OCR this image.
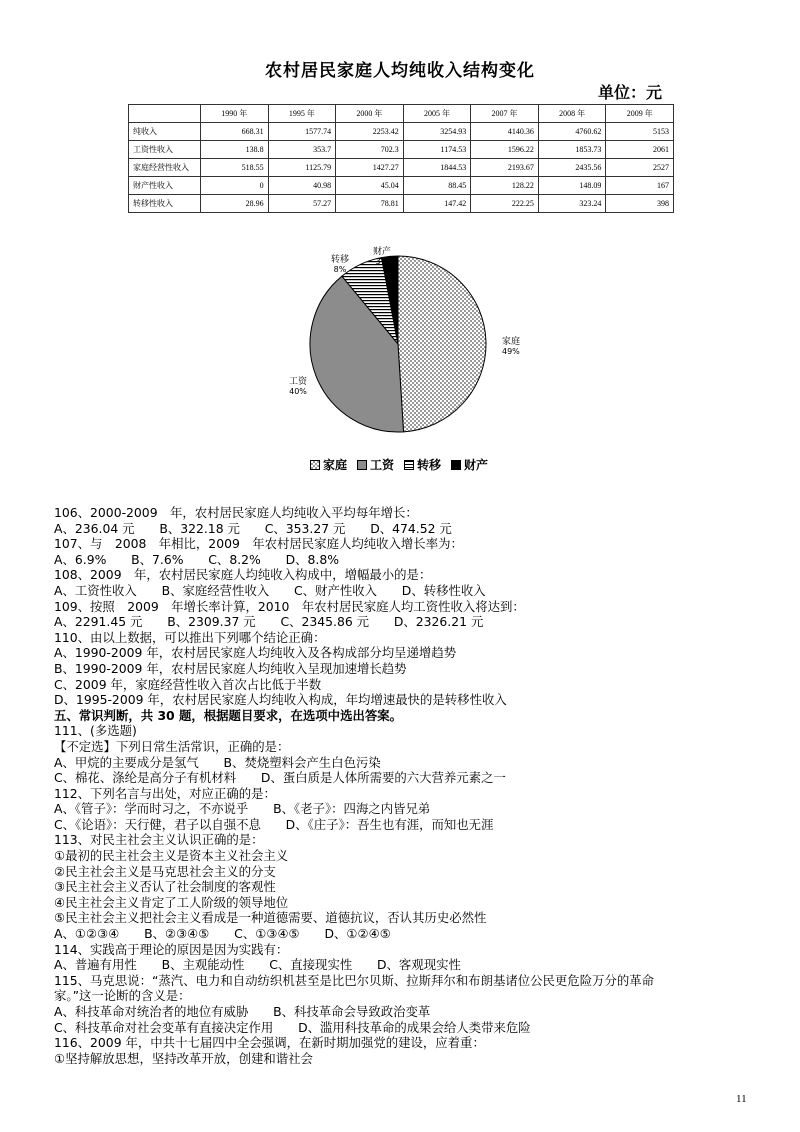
农村居民家庭人均纯收入结构变化
单位：元
	1990 年	1995 年	2000 年	2005 年	2007 年	2008 年	2009 年
纯收入	668.31	1577.74	2253.42	3254.93	4140.36	4760.62	5153
工资性收入	138.8	353.7	702.3	1174.53	1596.22	1853.73	2061
家庭经营性收入	518.55	1125.79	1427.27	1844.53	2193.67	2435.56	2527
财产性收入	0	40.98	45.04	88.45	128.22	148.09	167
转移性收入	28.96	57.27	78.81	147.42	222.25	323.24	398
家庭
49%
工资
40%
转移
8%
财产
3%
家庭 工资 转移 财产
106、2000-2009　年，农村居民家庭人均纯收入平均每年增长：
A、236.04 元　　B、322.18 元　　C、353.27 元　　D、474.52 元
107、与　2008　年相比，2009　年农村居民家庭人均纯收入增长率为：
A、6.9%　　B、7.6%　　C、8.2%　　D、8.8%
108、2009　年，农村居民家庭人均纯收入构成中，增幅最小的是：
A、工资性收入　　B、家庭经营性收入　　C、财产性收入　　D、转移性收入
109、按照　2009　年增长率计算，2010　年农村居民家庭人均工资性收入将达到：
A、2291.45 元　　B、2309.37 元　　C、2345.86 元　　D、2326.21 元
110、由以上数据，可以推出下列哪个结论正确：
A、1990-2009 年，农村居民家庭人均纯收入及各构成部分均呈递增趋势
B、1990-2009 年，农村居民家庭人均纯收入呈现加速增长趋势
C、2009 年，家庭经营性收入首次占比低于半数
D、1995-2009 年，农村居民家庭人均纯收入构成，年均增速最快的是转移性收入
五、常识判断，共 30 题，根据题目要求，在选项中选出答案。
111、(多选题)
【不定选】下列日常生活常识，正确的是：
A、甲烷的主要成分是氢气　　B、焚烧塑料会产生白色污染
C、棉花、涤纶是高分子有机材料　　D、蛋白质是人体所需要的六大营养元素之一
112、下列名言与出处，对应正确的是：
A、《管子》：学而时习之，不亦说乎　　B、《老子》：四海之内皆兄弟
C、《论语》：天行健，君子以自强不息　　D、《庄子》：吾生也有涯，而知也无涯
113、对民主社会主义认识正确的是：
①最初的民主社会主义是资本主义社会主义
②民主社会主义是马克思社会主义的分支
③民主社会主义否认了社会制度的客观性
④民主社会主义肯定了工人阶级的领导地位
⑤民主社会主义把社会主义看成是一种道德需要、道德抗议，否认其历史必然性
A、①②③④　　B、②③④⑤　　C、①③④⑤　　D、①②④⑤
114、实践高于理论的原因是因为实践有：
A、普遍有用性　　B、主观能动性　　C、直接现实性　　D、客观现实性
115、马克思说：“蒸汽、电力和自动纺织机甚至是比巴尔贝斯、拉斯拜尔和布朗基诸位公民更危险万分的革命
家。”这一论断的含义是：
A、科技革命对统治者的地位有威胁　　B、科技革命会导致政治变革
C、科技革命对社会变革有直接决定作用　　D、滥用科技革命的成果会给人类带来危险
116、2009 年，中共十七届四中全会强调，在新时期加强党的建设，应着重：
①坚持解放思想，坚持改革开放，创建和谐社会
11
